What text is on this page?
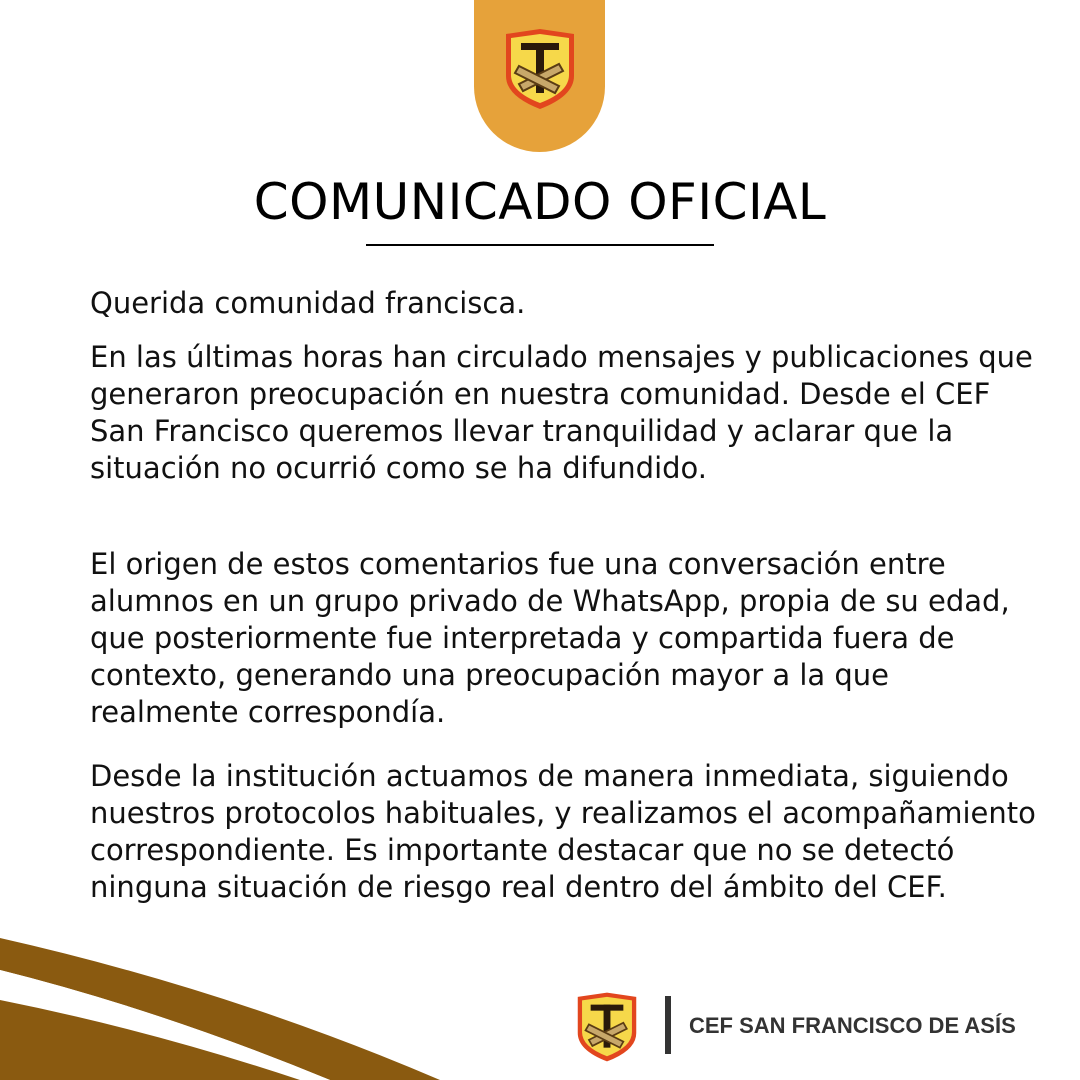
COMUNICADO OFICIAL

Querida comunidad francisca.

En las últimas horas han circulado mensajes y publicaciones que generaron preocupación en nuestra comunidad. Desde el CEF San Francisco queremos llevar tranquilidad y aclarar que la situación no ocurrió como se ha difundido.

El origen de estos comentarios fue una conversación entre alumnos en un grupo privado de WhatsApp, propia de su edad, que posteriormente fue interpretada y compartida fuera de contexto, generando una preocupación mayor a la que realmente correspondía.

Desde la institución actuamos de manera inmediata, siguiendo nuestros protocolos habituales, y realizamos el acompañamiento correspondiente. Es importante destacar que no se detectó ninguna situación de riesgo real dentro del ámbito del CEF.

CEF SAN FRANCISCO DE ASÍS
